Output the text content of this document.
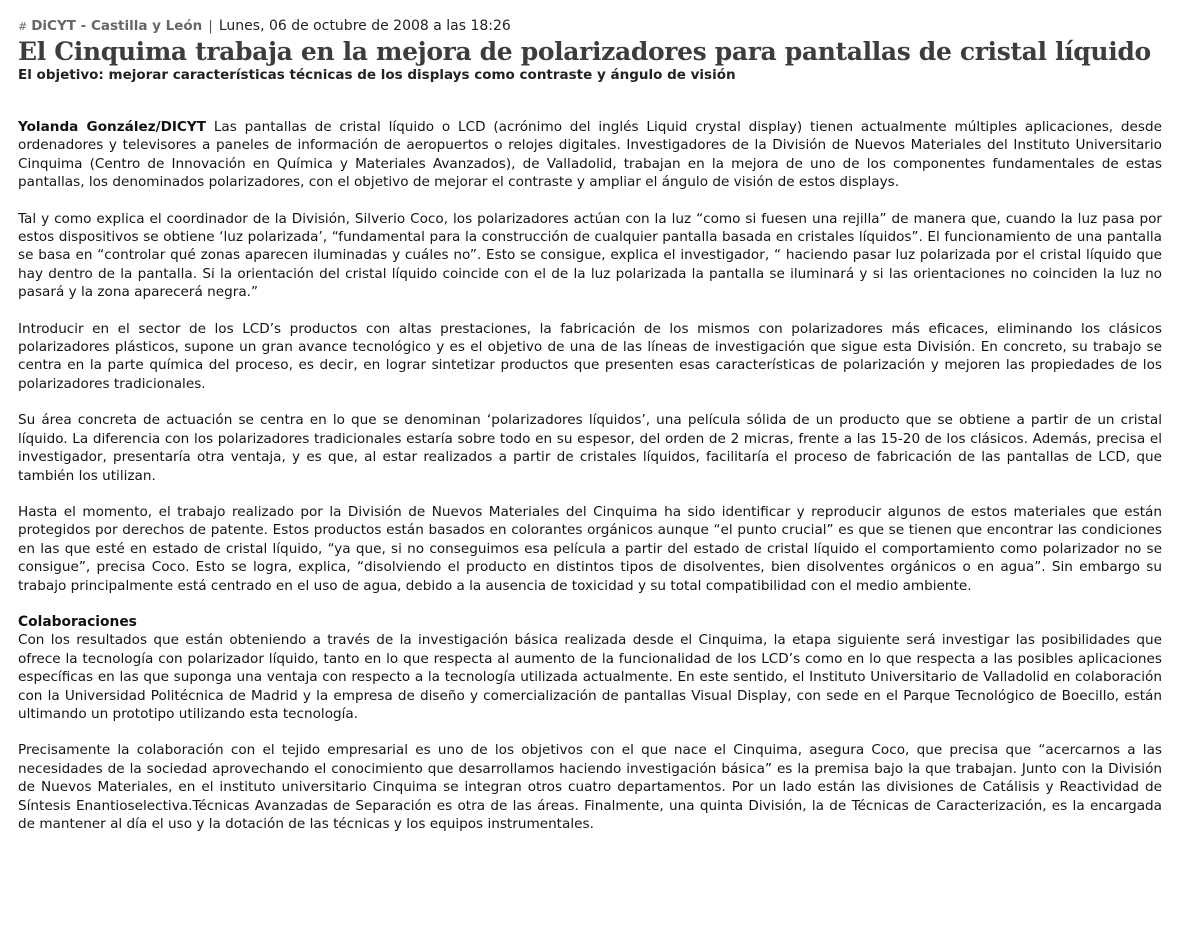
# DiCYT - Castilla y León | Lunes, 06 de octubre de 2008 a las 18:26
El Cinquima trabaja en la mejora de polarizadores para pantallas de cristal líquido
El objetivo: mejorar características técnicas de los displays como contraste y ángulo de visión

Yolanda González/DICYT Las pantallas de cristal líquido o LCD (acrónimo del inglés Liquid crystal display) tienen actualmente múltiples aplicaciones, desde ordenadores y televisores a paneles de información de aeropuertos o relojes digitales. Investigadores de la División de Nuevos Materiales del Instituto Universitario Cinquima (Centro de Innovación en Química y Materiales Avanzados), de Valladolid, trabajan en la mejora de uno de los componentes fundamentales de estas pantallas, los denominados polarizadores, con el objetivo de mejorar el contraste y ampliar el ángulo de visión de estos displays.

Tal y como explica el coordinador de la División, Silverio Coco, los polarizadores actúan con la luz “como si fuesen una rejilla” de manera que, cuando la luz pasa por estos dispositivos se obtiene ‘luz polarizada’, “fundamental para la construcción de cualquier pantalla basada en cristales líquidos”. El funcionamiento de una pantalla se basa en “controlar qué zonas aparecen iluminadas y cuáles no”. Esto se consigue, explica el investigador, “ haciendo pasar luz polarizada por el cristal líquido que hay dentro de la pantalla. Si la orientación del cristal líquido coincide con el de la luz polarizada la pantalla se iluminará y si las orientaciones no coinciden la luz no pasará y la zona aparecerá negra.”

Introducir en el sector de los LCD’s productos con altas prestaciones, la fabricación de los mismos con polarizadores más eficaces, eliminando los clásicos polarizadores plásticos, supone un gran avance tecnológico y es el objetivo de una de las líneas de investigación que sigue esta División. En concreto, su trabajo se centra en la parte química del proceso, es decir, en lograr sintetizar productos que presenten esas características de polarización y mejoren las propiedades de los polarizadores tradicionales.

Su área concreta de actuación se centra en lo que se denominan ‘polarizadores líquidos’, una película sólida de un producto que se obtiene a partir de un cristal líquido. La diferencia con los polarizadores tradicionales estaría sobre todo en su espesor, del orden de 2 micras, frente a las 15-20 de los clásicos. Además, precisa el investigador, presentaría otra ventaja, y es que, al estar realizados a partir de cristales líquidos, facilitaría el proceso de fabricación de las pantallas de LCD, que también los utilizan.

Hasta el momento, el trabajo realizado por la División de Nuevos Materiales del Cinquima ha sido identificar y reproducir algunos de estos materiales que están protegidos por derechos de patente. Estos productos están basados en colorantes orgánicos aunque “el punto crucial” es que se tienen que encontrar las condiciones en las que esté en estado de cristal líquido, “ya que, si no conseguimos esa película a partir del estado de cristal líquido el comportamiento como polarizador no se consigue”, precisa Coco. Esto se logra, explica, “disolviendo el producto en distintos tipos de disolventes, bien disolventes orgánicos o en agua”. Sin embargo su trabajo principalmente está centrado en el uso de agua, debido a la ausencia de toxicidad y su total compatibilidad con el medio ambiente.

Colaboraciones

Con los resultados que están obteniendo a través de la investigación básica realizada desde el Cinquima, la etapa siguiente será investigar las posibilidades que ofrece la tecnología con polarizador líquido, tanto en lo que respecta al aumento de la funcionalidad de los LCD’s como en lo que respecta a las posibles aplicaciones específicas en las que suponga una ventaja con respecto a la tecnología utilizada actualmente. En este sentido, el Instituto Universitario de Valladolid en colaboración con la Universidad Politécnica de Madrid y la empresa de diseño y comercialización de pantallas Visual Display, con sede en el Parque Tecnológico de Boecillo, están ultimando un prototipo utilizando esta tecnología.

Precisamente la colaboración con el tejido empresarial es uno de los objetivos con el que nace el Cinquima, asegura Coco, que precisa que “acercarnos a las necesidades de la sociedad aprovechando el conocimiento que desarrollamos haciendo investigación básica” es la premisa bajo la que trabajan. Junto con la División de Nuevos Materiales, en el instituto universitario Cinquima se integran otros cuatro departamentos. Por un lado están las divisiones de Catálisis y Reactividad de Síntesis Enantioselectiva.Técnicas Avanzadas de Separación es otra de las áreas. Finalmente, una quinta División, la de Técnicas de Caracterización, es la encargada de mantener al día el uso y la dotación de las técnicas y los equipos instrumentales.
